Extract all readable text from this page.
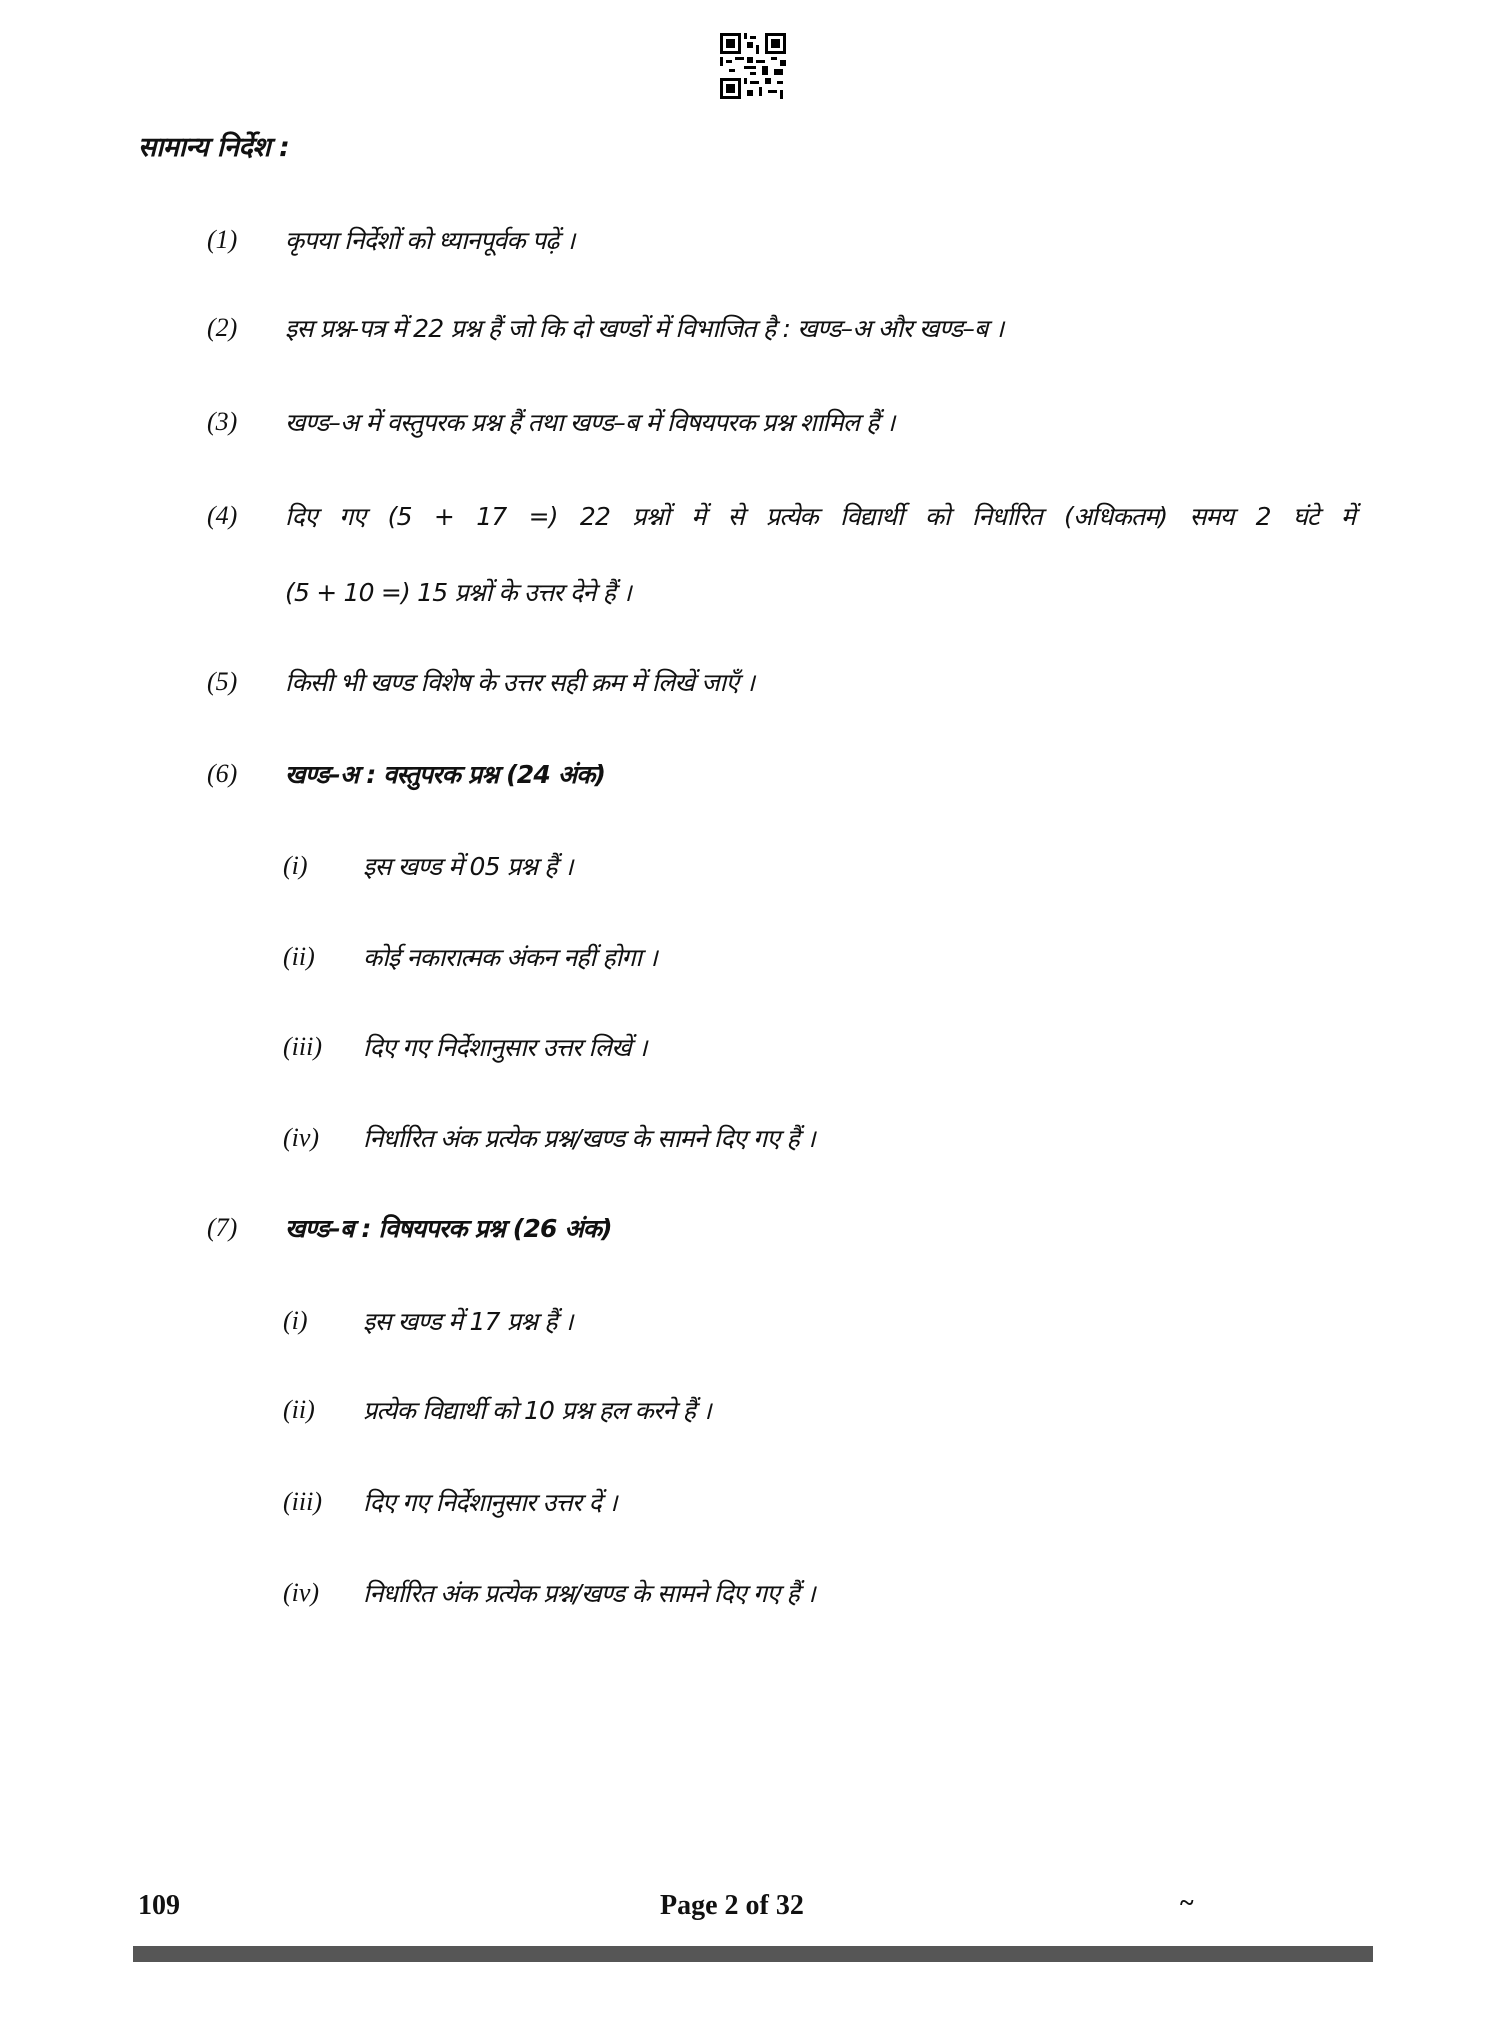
सामान्य निर्देश :
(1) कृपया निर्देशों को ध्यानपूर्वक पढ़ें ।
(2) इस प्रश्न-पत्र में 22 प्रश्न हैं जो कि दो खण्डों में विभाजित है : खण्ड–अ और खण्ड–ब ।
(3) खण्ड–अ में वस्तुपरक प्रश्न हैं तथा खण्ड–ब में विषयपरक प्रश्न शामिल हैं ।
(4) दिए गए (5 + 17 =) 22 प्रश्नों में से प्रत्येक विद्यार्थी को निर्धारित (अधिकतम) समय 2 घंटे में
(5 + 10 =) 15 प्रश्नों के उत्तर देने हैं ।
(5) किसी भी खण्ड विशेष के उत्तर सही क्रम में लिखें जाएँ ।
(6) खण्ड–अ : वस्तुपरक प्रश्न (24 अंक)
(i) इस खण्ड में 05 प्रश्न हैं ।
(ii) कोई नकारात्मक अंकन नहीं होगा ।
(iii) दिए गए निर्देशानुसार उत्तर लिखें ।
(iv) निर्धारित अंक प्रत्येक प्रश्न/खण्ड के सामने दिए गए हैं ।
(7) खण्ड–ब : विषयपरक प्रश्न (26 अंक)
(i) इस खण्ड में 17 प्रश्न हैं ।
(ii) प्रत्येक विद्यार्थी को 10 प्रश्न हल करने हैं ।
(iii) दिए गए निर्देशानुसार उत्तर दें ।
(iv) निर्धारित अंक प्रत्येक प्रश्न/खण्ड के सामने दिए गए हैं ।
109	Page 2 of 32	~
